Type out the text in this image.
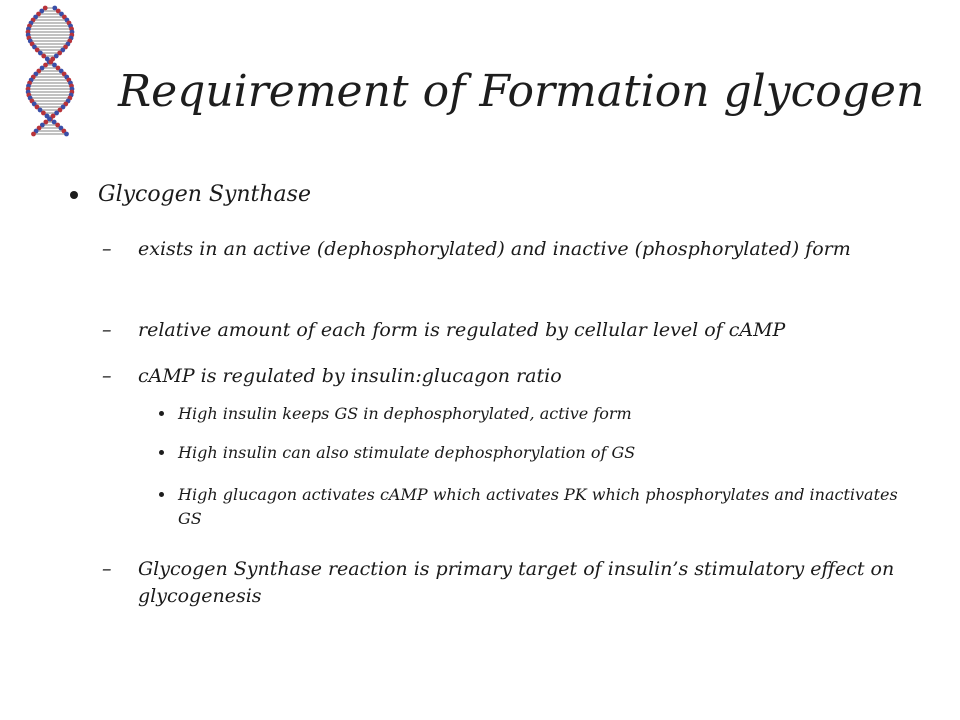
Requirement of Formation glycogen
Glycogen Synthase
– exists in an active (dephosphorylated) and inactive (phosphorylated) form
– relative amount of each form is regulated by cellular level of cAMP
– cAMP is regulated by insulin:glucagon ratio
High insulin keeps GS in dephosphorylated, active form
High insulin can also stimulate dephosphorylation of GS
High glucagon activates cAMP which activates PK which phosphorylates and inactivates GS
– Glycogen Synthase reaction is primary target of insulin’s stimulatory effect on glycogenesis
